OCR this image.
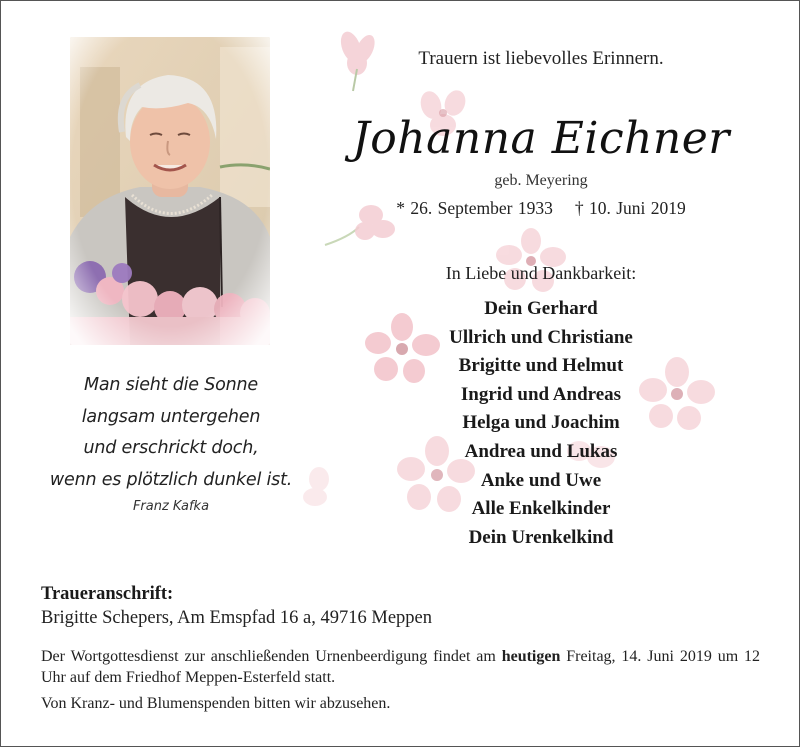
Man sieht die Sonne
langsam untergehen
und erschrickt doch,
wenn es plötzlich dunkel ist.
Franz Kafka
Trauern ist liebevolles Erinnern.
Johanna Eichner
geb. Meyering
* 26. September 1933 † 10. Juni 2019
In Liebe und Dankbarkeit:
Dein Gerhard
Ullrich und Christiane
Brigitte und Helmut
Ingrid und Andreas
Helga und Joachim
Andrea und Lukas
Anke und Uwe
Alle Enkelkinder
Dein Urenkelkind
Traueranschrift:
Brigitte Schepers, Am Emspfad 16 a, 49716 Meppen
Der Wortgottesdienst zur anschließenden Urnenbeerdigung findet am heutigen Freitag, 14. Juni 2019 um 12 Uhr auf dem Friedhof Meppen-Esterfeld statt.
Von Kranz- und Blumenspenden bitten wir abzusehen.
